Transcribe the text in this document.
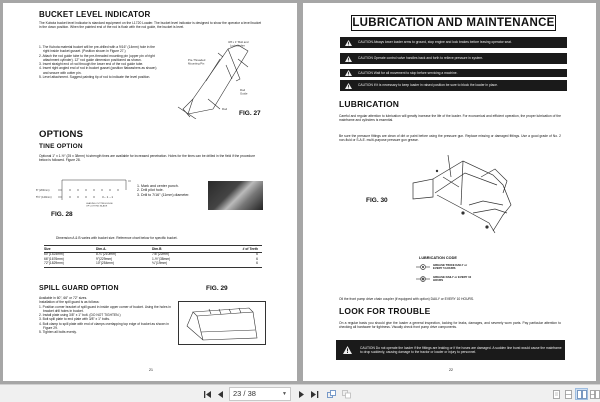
BUCKET LEVEL INDICATOR
The Kubota bucket level indicator is standard equipment on the L1720 Loader. The bucket level indicator is designed to show the operator a level bucket in the down position. When the painted end of the rod is flush with the rod guide, the bucket is level.
1. The Kubota material bucket will be pre-drilled with a 9/16" (14mm) hole in the right inside bucket gusset. (Position shown in Figure 27.)
2. Attach the rod guide tube to the pre-threaded mounting pin (upper pin of right attachment cylinder). 12" rod guide dimension positioned as shown.
3. Insert straight end of rod through the lower end of the rod guide tube.
4. Insert right angled end of rod in bucket gusset (position flatwashers as shown) and secure with cotter pin.
5. Level attachment. Suggest painting tip of rod to indicate the level position.
3/8 x 1" Bolt and
Lockwasher
Pre-Threaded
Mounting Pin
Rod
Guide
Rod
FIG. 27
OPTIONS
TINE OPTION
Optional 1" x 1-½" (25 x 38mm) hi-strength tines are available for increased penetration. Holes for the tines can be drilled in the field if the procedure below is followed. Figure 28.
8" (203mm)
5½" (140mm)	3←1→1
LEADING CUTTING EDGE
OF CUTTING BLADE
FIG. 28
1. Mark and center punch.
2. Drill pilot hole.
3. Drill to 7/16" (11mm) diameter.
Dimension A & B varies with bucket size. Reference chart below for specific bucket.
Size	Dim.A.	Dim.B	# of Teeth
60"(1524mm)	8-¼"(210mm)	7/8"(22mm)	6
66"(1676mm)	9"(229mm)	1-½"(38mm)	6
72"(1829mm)	10"(254mm)	¾"(19mm)	6
SPILL GUARD OPTION	FIG. 29
Available in 60", 66" or 72" sizes.
Installation of the spill guard is as follows:
1. Position corner bracket of spill guard in inside upper corner of bucket. Using the holes in bracket drill holes in bucket.
2. Install plate using 3/8" x 1" bolt. (DO NOT TIGHTEN.)
3. Bolt spill plate to end plate with 3/8" x 1" bolts.
4. Bolt clamp to spill plate with end of clamps overlapping top edge of bucket as shown in Figure 29.
5. Tighten all bolts evenly.
21
LUBRICATION AND MAINTENANCE
CAUTION Always lower loader arms to ground, stop engine and lock brakes before leaving operator seat.
CAUTION Operate control valve handles back and forth to relieve pressure in system.
CAUTION Wait for all movement to stop before servicing a machine.
CAUTION If it is necessary to keep loader in raised position be sure to block the loader in place.
LUBRICATION
Careful and regular attention to lubrication will greatly increase the life of the loader. For economical and efficient operation, the proper lubrication of the mainframe and cylinders is essential.
Be sure the pressure fittings are clean of dirt or paint before using the pressure gun. Replace missing or damaged fittings. Use a good grade of No. 2 non-fluid or S.A.E. multi-purpose pressure gun grease.
FIG. 30
LUBRICATION CODE
GREASE TWICE DAILY or EVERY 5 HOURS
GREASE DAILY or EVERY 10 HOURS
Oil the front pump drive chain coupler (if equipped with option) DAILY or EVERY 10 HOURS.
LOOK FOR TROUBLE
On a regular basis you should give the loader a general inspection, looking for leaks, damages, and severely worn parts. Pay particular attention to checking all hardware for tightness. Visually check front pump drive components.
CAUTION Do not operate the loader if the fittings are leaking or if the hoses are damaged. A sudden line burst would cause the mainframe to drop suddenly, causing damage to the tractor or loader or injury to personnel.
22
23 / 38	▼
